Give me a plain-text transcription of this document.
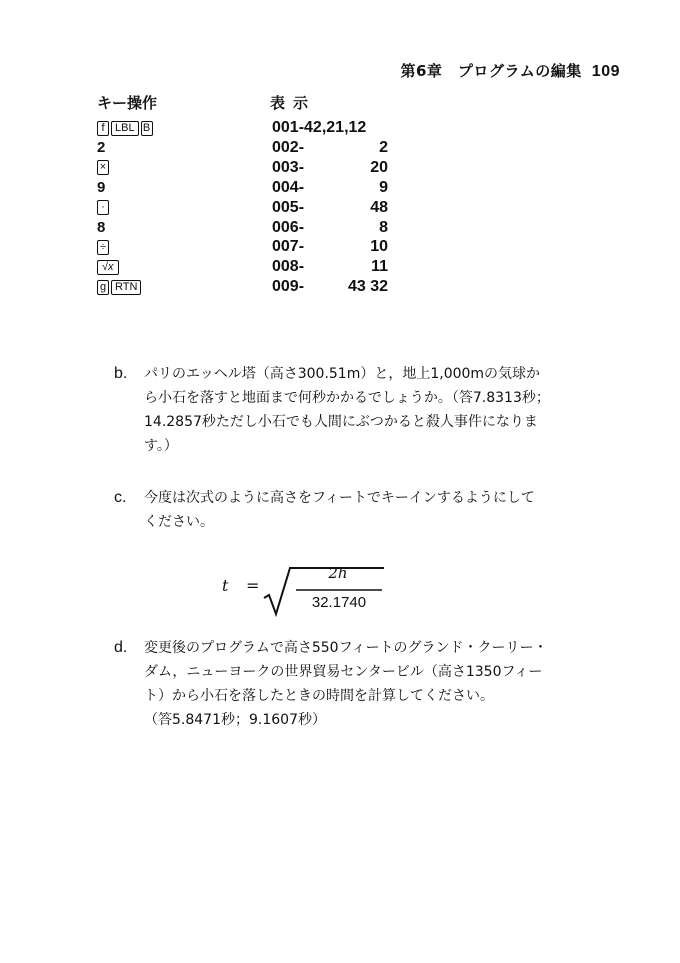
第6章　プログラムの編集 109
キー操作	表示
f LBL B	001-42,21,12
2	002-	2
×	003-	20
9	004-	9
·	005-	48
8	006-	8
÷	007-	10
√x	008-	11
g RTN	009-	43 32
b.	パリのエッヘル塔（高さ300.51m）と，地上1,000mの気球か
ら小石を落すと地面まで何秒かかるでしょうか。（答7.8313秒；
14.2857秒ただし小石でも人間にぶつかると殺人事件になりま
す。）
c.	今度は次式のように高さをフィートでキーインするようにして
ください。
t =
2h
32.1740
d.	変更後のプログラムで高さ550フィートのグランド・クーリー・
ダム，ニューヨークの世界貿易センタービル（高さ1350フィー
ト）から小石を落したときの時間を計算してください。
（答5.8471秒；9.1607秒）
